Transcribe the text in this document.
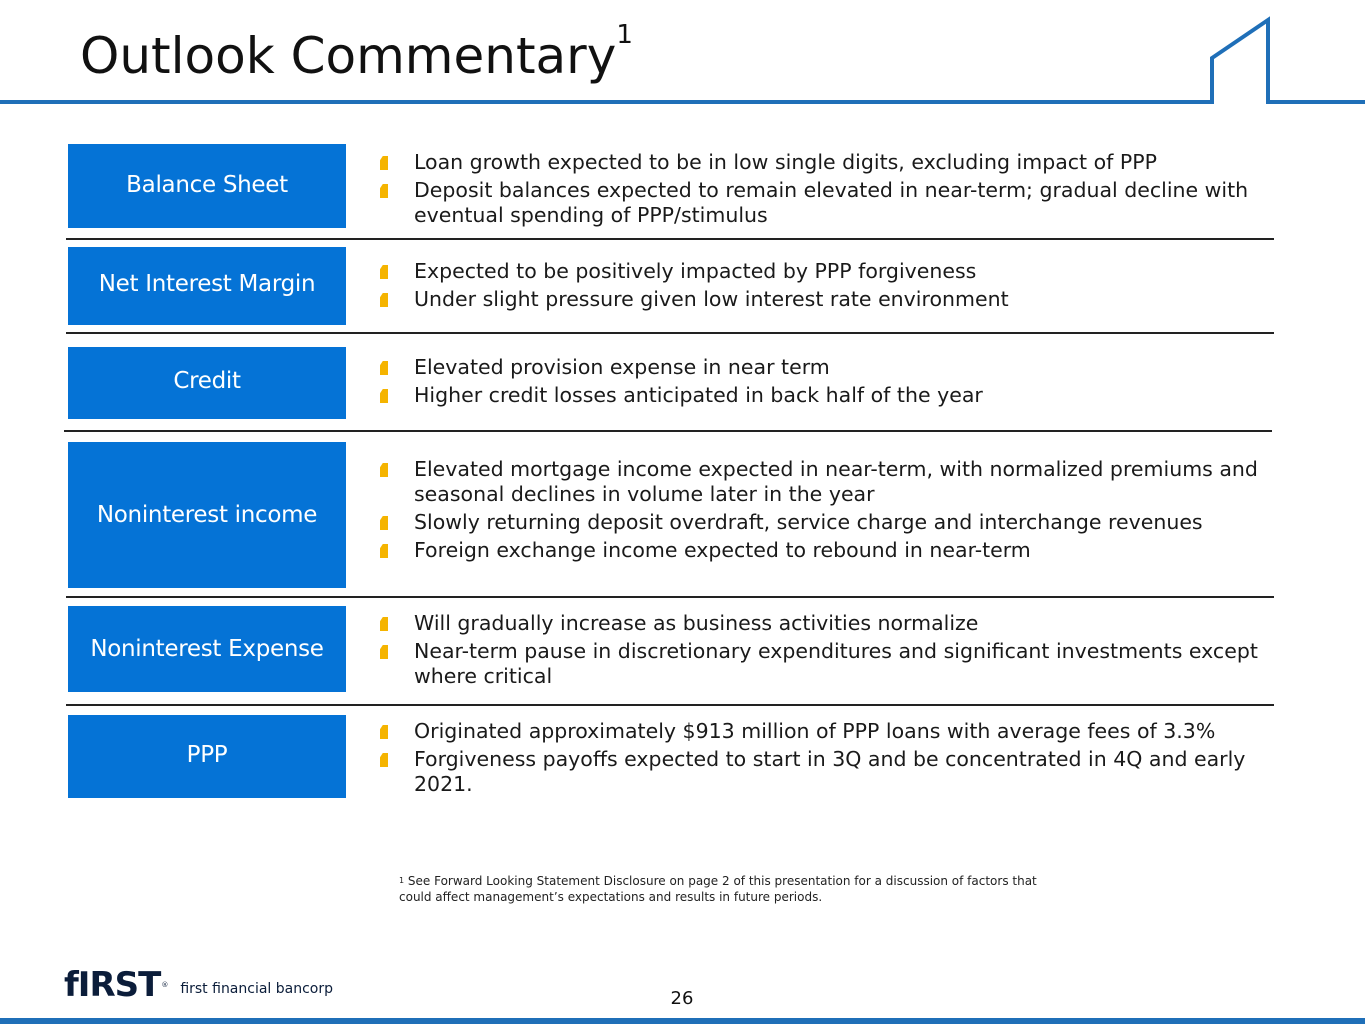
Outlook Commentary$^1$
Balance Sheet
Loan growth expected to be in low single digits, excluding impact of PPP
Deposit balances expected to remain elevated in near-term; gradual decline with eventual spending of PPP/stimulus
Net Interest Margin	Expected to be positively impacted by PPP forgiveness
Under slight pressure given low interest rate environment
Credit
Elevated provision expense in near term
Higher credit losses anticipated in back half of the year
Noninterest income
Elevated mortgage income expected in near-term, with normalized premiums and seasonal declines in volume later in the year
Slowly returning deposit overdraft, service charge and interchange revenues
Foreign exchange income expected to rebound in near-term
Noninterest Expense
Will gradually increase as business activities normalize
Near-term pause in discretionary expenditures and significant investments except where critical
PPP
Originated approximately $913 million of PPP loans with average fees of 3.3%
Forgiveness payoffs expected to start in 3Q and be concentrated in 4Q and early 2021.
$^1$ See Forward Looking Statement Disclosure on page 2 of this presentation for a discussion of factors that could affect management’s expectations and results in future periods.
fIRST ® first financial bancorp	26
